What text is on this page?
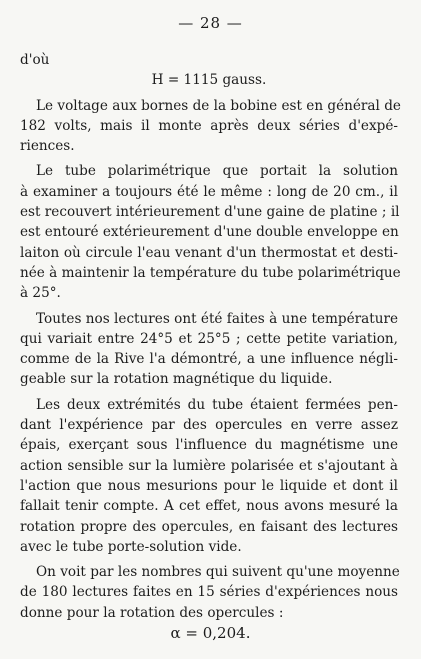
— 28 —
d'où
H = 1115 gauss.
Le voltage aux bornes de la bobine est en général de
182 volts, mais il monte après deux séries d'expé-
riences.
Le tube polarimétrique que portait la solution
à examiner a toujours été le même : long de 20 cm., il
est recouvert intérieurement d'une gaine de platine ; il
est entouré extérieurement d'une double enveloppe en
laiton où circule l'eau venant d'un thermostat et desti-
née à maintenir la température du tube polarimétrique
à 25°.
Toutes nos lectures ont été faites à une température
qui variait entre 24°5 et 25°5 ; cette petite variation,
comme de la Rive l'a démontré, a une influence négli-
geable sur la rotation magnétique du liquide.
Les deux extrémités du tube étaient fermées pen-
dant l'expérience par des opercules en verre assez
épais, exerçant sous l'influence du magnétisme une
action sensible sur la lumière polarisée et s'ajoutant à
l'action que nous mesurions pour le liquide et dont il
fallait tenir compte. A cet effet, nous avons mesuré la
rotation propre des opercules, en faisant des lectures
avec le tube porte-solution vide.
On voit par les nombres qui suivent qu'une moyenne
de 180 lectures faites en 15 séries d'expériences nous
donne pour la rotation des opercules :
α = 0,204.
